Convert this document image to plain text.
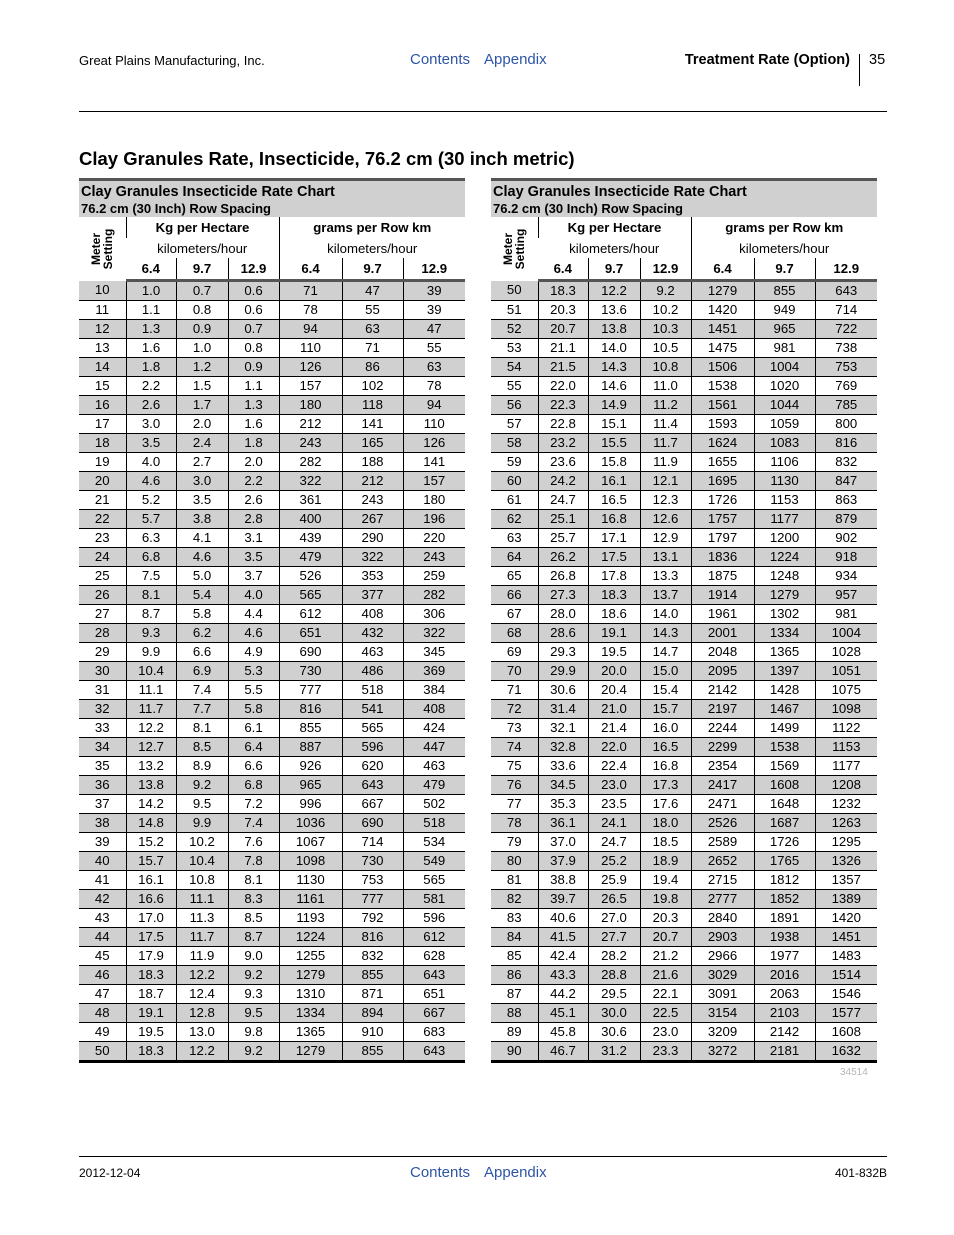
Great Plains Manufacturing, Inc.	Contents Appendix	Treatment Rate (Option) 35
Clay Granules Rate, Insecticide, 76.2 cm (30 inch metric)
Clay Granules Insecticide Rate Chart
76.2 cm (30 Inch) Row Spacing
Meter
Setting	Kg per Hectare			grams per Row km		
	kilometers/hour			kilometers/hour		
	6.4	9.7	12.9	6.4	9.7	12.9
10	1.0	0.7	0.6	71	47	39
11	1.1	0.8	0.6	78	55	39
12	1.3	0.9	0.7	94	63	47
13	1.6	1.0	0.8	110	71	55
14	1.8	1.2	0.9	126	86	63
15	2.2	1.5	1.1	157	102	78
16	2.6	1.7	1.3	180	118	94
17	3.0	2.0	1.6	212	141	110
18	3.5	2.4	1.8	243	165	126
19	4.0	2.7	2.0	282	188	141
20	4.6	3.0	2.2	322	212	157
21	5.2	3.5	2.6	361	243	180
22	5.7	3.8	2.8	400	267	196
23	6.3	4.1	3.1	439	290	220
24	6.8	4.6	3.5	479	322	243
25	7.5	5.0	3.7	526	353	259
26	8.1	5.4	4.0	565	377	282
27	8.7	5.8	4.4	612	408	306
28	9.3	6.2	4.6	651	432	322
29	9.9	6.6	4.9	690	463	345
30	10.4	6.9	5.3	730	486	369
31	11.1	7.4	5.5	777	518	384
32	11.7	7.7	5.8	816	541	408
33	12.2	8.1	6.1	855	565	424
34	12.7	8.5	6.4	887	596	447
35	13.2	8.9	6.6	926	620	463
36	13.8	9.2	6.8	965	643	479
37	14.2	9.5	7.2	996	667	502
38	14.8	9.9	7.4	1036	690	518
39	15.2	10.2	7.6	1067	714	534
40	15.7	10.4	7.8	1098	730	549
41	16.1	10.8	8.1	1130	753	565
42	16.6	11.1	8.3	1161	777	581
43	17.0	11.3	8.5	1193	792	596
44	17.5	11.7	8.7	1224	816	612
45	17.9	11.9	9.0	1255	832	628
46	18.3	12.2	9.2	1279	855	643
47	18.7	12.4	9.3	1310	871	651
48	19.1	12.8	9.5	1334	894	667
49	19.5	13.0	9.8	1365	910	683
50	18.3	12.2	9.2	1279	855	643
Clay Granules Insecticide Rate Chart
76.2 cm (30 Inch) Row Spacing
Meter
Setting	Kg per Hectare			grams per Row km		
	kilometers/hour			kilometers/hour		
	6.4	9.7	12.9	6.4	9.7	12.9
50	18.3	12.2	9.2	1279	855	643
51	20.3	13.6	10.2	1420	949	714
52	20.7	13.8	10.3	1451	965	722
53	21.1	14.0	10.5	1475	981	738
54	21.5	14.3	10.8	1506	1004	753
55	22.0	14.6	11.0	1538	1020	769
56	22.3	14.9	11.2	1561	1044	785
57	22.8	15.1	11.4	1593	1059	800
58	23.2	15.5	11.7	1624	1083	816
59	23.6	15.8	11.9	1655	1106	832
60	24.2	16.1	12.1	1695	1130	847
61	24.7	16.5	12.3	1726	1153	863
62	25.1	16.8	12.6	1757	1177	879
63	25.7	17.1	12.9	1797	1200	902
64	26.2	17.5	13.1	1836	1224	918
65	26.8	17.8	13.3	1875	1248	934
66	27.3	18.3	13.7	1914	1279	957
67	28.0	18.6	14.0	1961	1302	981
68	28.6	19.1	14.3	2001	1334	1004
69	29.3	19.5	14.7	2048	1365	1028
70	29.9	20.0	15.0	2095	1397	1051
71	30.6	20.4	15.4	2142	1428	1075
72	31.4	21.0	15.7	2197	1467	1098
73	32.1	21.4	16.0	2244	1499	1122
74	32.8	22.0	16.5	2299	1538	1153
75	33.6	22.4	16.8	2354	1569	1177
76	34.5	23.0	17.3	2417	1608	1208
77	35.3	23.5	17.6	2471	1648	1232
78	36.1	24.1	18.0	2526	1687	1263
79	37.0	24.7	18.5	2589	1726	1295
80	37.9	25.2	18.9	2652	1765	1326
81	38.8	25.9	19.4	2715	1812	1357
82	39.7	26.5	19.8	2777	1852	1389
83	40.6	27.0	20.3	2840	1891	1420
84	41.5	27.7	20.7	2903	1938	1451
85	42.4	28.2	21.2	2966	1977	1483
86	43.3	28.8	21.6	3029	2016	1514
87	44.2	29.5	22.1	3091	2063	1546
88	45.1	30.0	22.5	3154	2103	1577
89	45.8	30.6	23.0	3209	2142	1608
90	46.7	31.2	23.3	3272	2181	1632
34514
2012-12-04	Contents Appendix	401-832B
